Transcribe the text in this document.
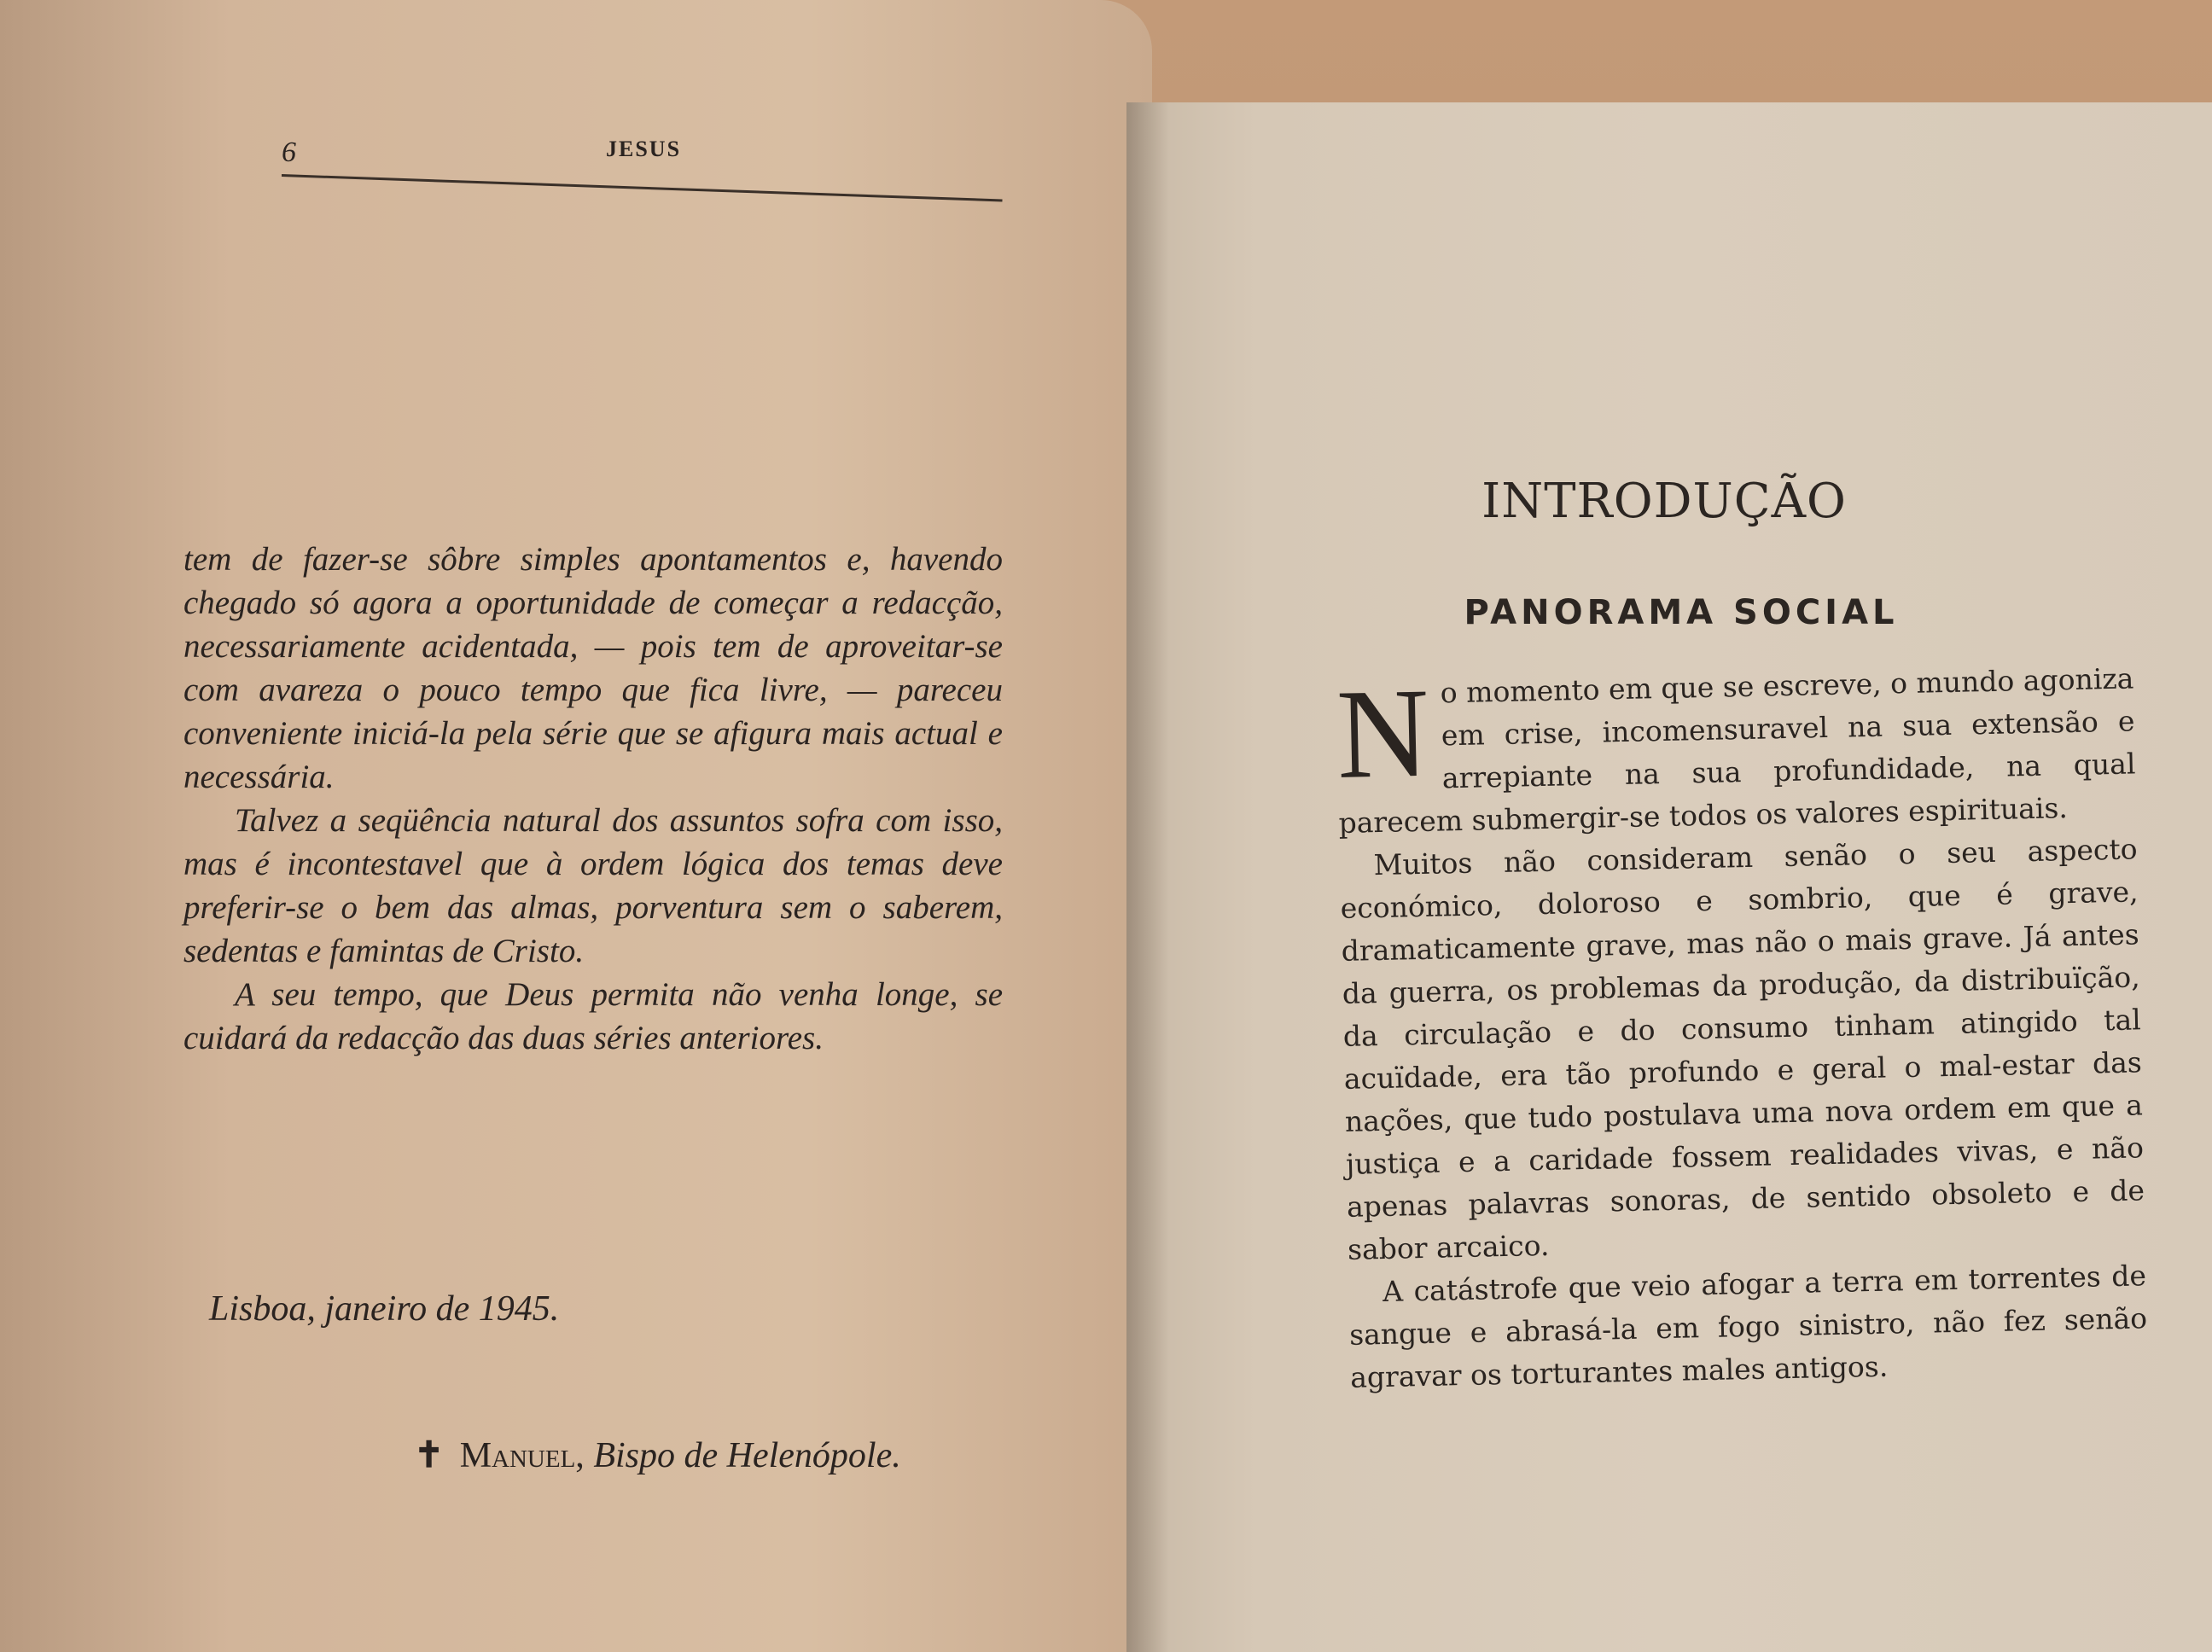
6	JESUS

tem de fazer-se sôbre simples apontamentos e, havendo chegado só agora a oportunidade de começar a redacção, necessariamente acidentada, — pois tem de aproveitar-se com avareza o pouco tempo que fica livre, — pareceu conveniente iniciá-la pela série que se afigura mais actual e necessária.

Talvez a seqüência natural dos assuntos sofra com isso, mas é incontestavel que à ordem lógica dos temas deve preferir-se o bem das almas, porventura sem o saberem, sedentas e famintas de Cristo.

A seu tempo, que Deus permita não venha longe, se cuidará da redacção das duas séries anteriores.

Lisboa, janeiro de 1945.
✝ Manuel, Bispo de Helenópole.
INTRODUÇÃO
PANORAMA SOCIAL

No momento em que se escreve, o mundo agoniza em crise, incomensuravel na sua extensão e arrepiante na sua profundidade, na qual parecem submergir-se todos os valores espirituais.

Muitos não consideram senão o seu aspecto económico, doloroso e sombrio, que é grave, dramaticamente grave, mas não o mais grave. Já antes da guerra, os problemas da produção, da distribuïção, da circulação e do consumo tinham atingido tal acuïdade, era tão profundo e geral o mal-estar das nações, que tudo postulava uma nova ordem em que a justiça e a caridade fossem realidades vivas, e não apenas palavras sonoras, de sentido obsoleto e de sabor arcaico.

A catástrofe que veio afogar a terra em torrentes de sangue e abrasá-la em fogo sinistro, não fez senão agravar os torturantes males antigos.
